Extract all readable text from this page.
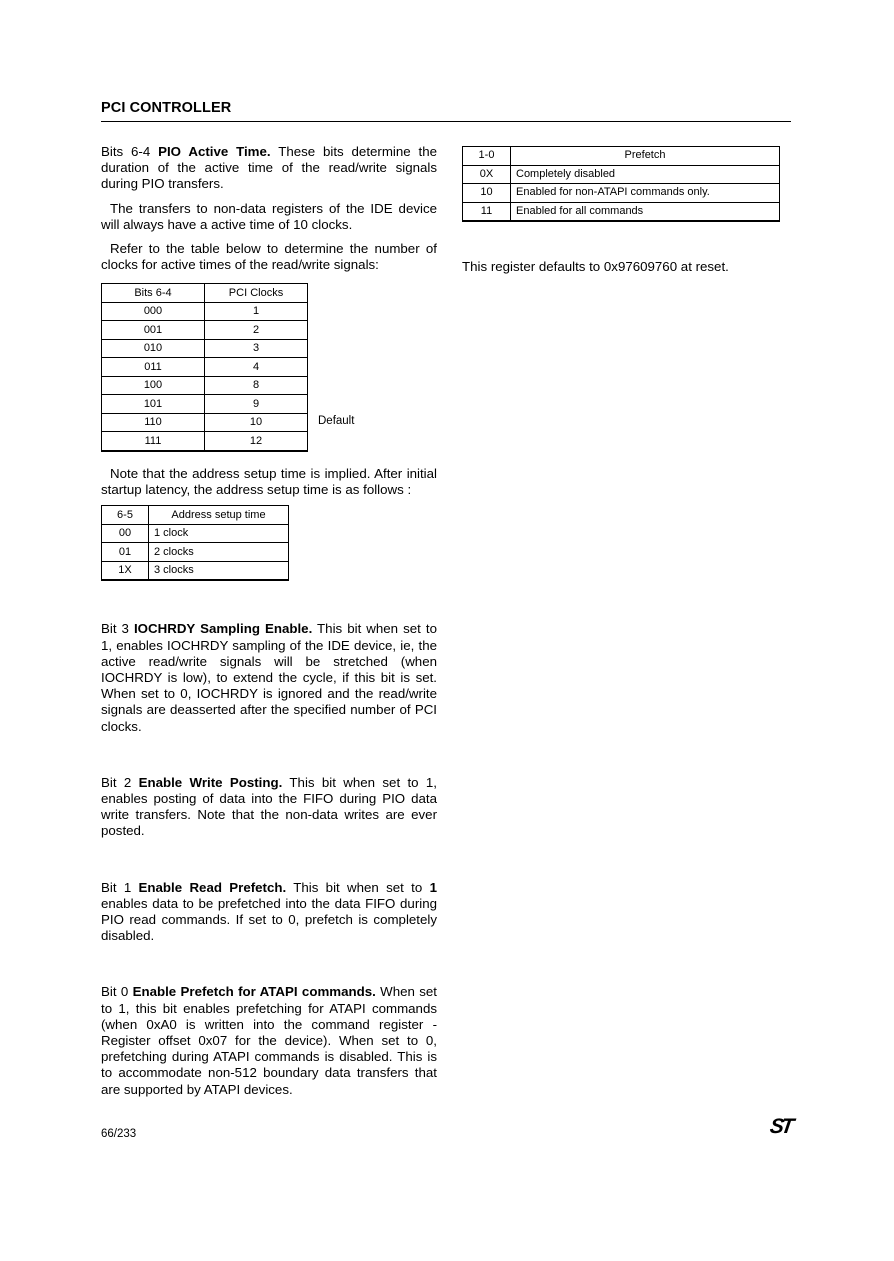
PCI CONTROLLER

Bits 6-4 PIO Active Time. These bits determine the duration of the active time of the read/write signals during PIO transfers.

The transfers to non-data registers of the IDE device will always have a active time of 10 clocks.

Refer to the table below to determine the number of clocks for active times of the read/write signals:

Bits 6-4	PCI Clocks
000	1
001	2
010	3
011	4
100	8
101	9
110	10
111	12
Default

Note that the address setup time is implied. After initial startup latency, the address setup time is as follows :

6-5	Address setup time
00	1 clock
01	2 clocks
1X	3 clocks

Bit 3 IOCHRDY Sampling Enable. This bit when set to 1, enables IOCHRDY sampling of the IDE device, ie, the active read/write signals will be stretched (when IOCHRDY is low), to extend the cycle, if this bit is set. When set to 0, IOCHRDY is ignored and the read/write signals are deasserted after the specified number of PCI clocks.

Bit 2 Enable Write Posting. This bit when set to 1, enables posting of data into the FIFO during PIO data write transfers. Note that the non-data writes are ever posted.

Bit 1 Enable Read Prefetch. This bit when set to 1 enables data to be prefetched into the data FIFO during PIO read commands. If set to 0, prefetch is completely disabled.

Bit 0 Enable Prefetch for ATAPI commands. When set to 1, this bit enables prefetching for ATAPI commands (when 0xA0 is written into the command register - Register offset 0x07 for the device). When set to 0, prefetching during ATAPI commands is disabled. This is to accommodate non-512 boundary data transfers that are supported by ATAPI devices.

1-0	Prefetch
0X	Completely disabled
10	Enabled for non-ATAPI commands only.
11	Enabled for all commands

This register defaults to 0x97609760 at reset.

66/233	ST
